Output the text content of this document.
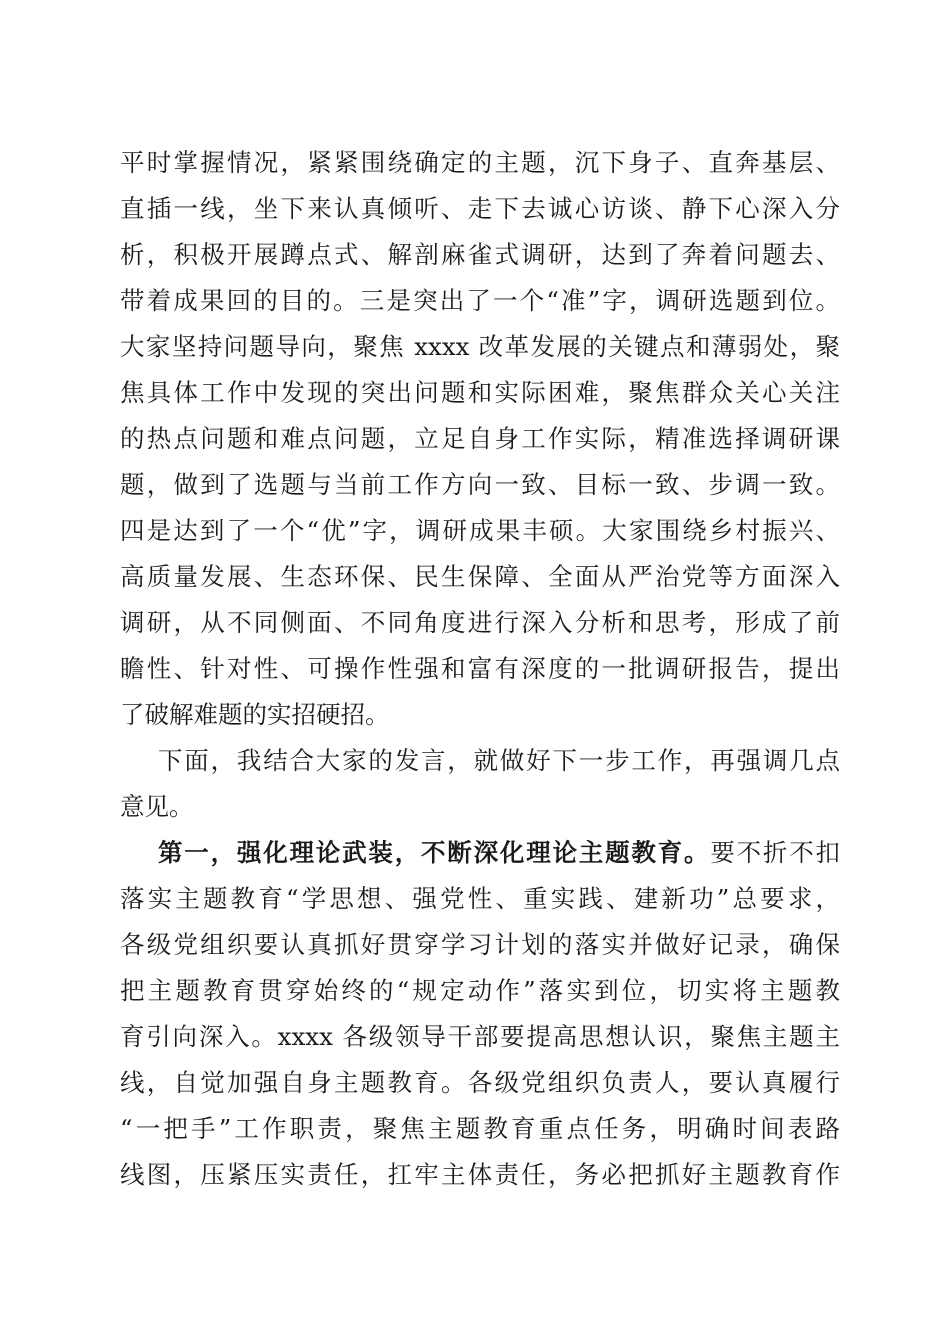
平时掌握情况，紧紧围绕确定的主题，沉下身子、直奔基层、
直插一线，坐下来认真倾听、走下去诚心访谈、静下心深入分
析，积极开展蹲点式、解剖麻雀式调研，达到了奔着问题去、
带着成果回的目的。三是突出了一个“准”字，调研选题到位。
大家坚持问题导向，聚焦 xxxx 改革发展的关键点和薄弱处，聚
焦具体工作中发现的突出问题和实际困难，聚焦群众关心关注
的热点问题和难点问题，立足自身工作实际，精准选择调研课
题，做到了选题与当前工作方向一致、目标一致、步调一致。
四是达到了一个“优”字，调研成果丰硕。大家围绕乡村振兴、
高质量发展、生态环保、民生保障、全面从严治党等方面深入
调研，从不同侧面、不同角度进行深入分析和思考，形成了前
瞻性、针对性、可操作性强和富有深度的一批调研报告，提出
了破解难题的实招硬招。
下面，我结合大家的发言，就做好下一步工作，再强调几点
意见。
第一，强化理论武装，不断深化理论主题教育。要不折不扣
落实主题教育“学思想、强党性、重实践、建新功”总要求，
各级党组织要认真抓好贯穿学习计划的落实并做好记录，确保
把主题教育贯穿始终的“规定动作”落实到位，切实将主题教
育引向深入。xxxx 各级领导干部要提高思想认识，聚焦主题主
线，自觉加强自身主题教育。各级党组织负责人，要认真履行
“一把手”工作职责，聚焦主题教育重点任务，明确时间表路
线图，压紧压实责任，扛牢主体责任，务必把抓好主题教育作
